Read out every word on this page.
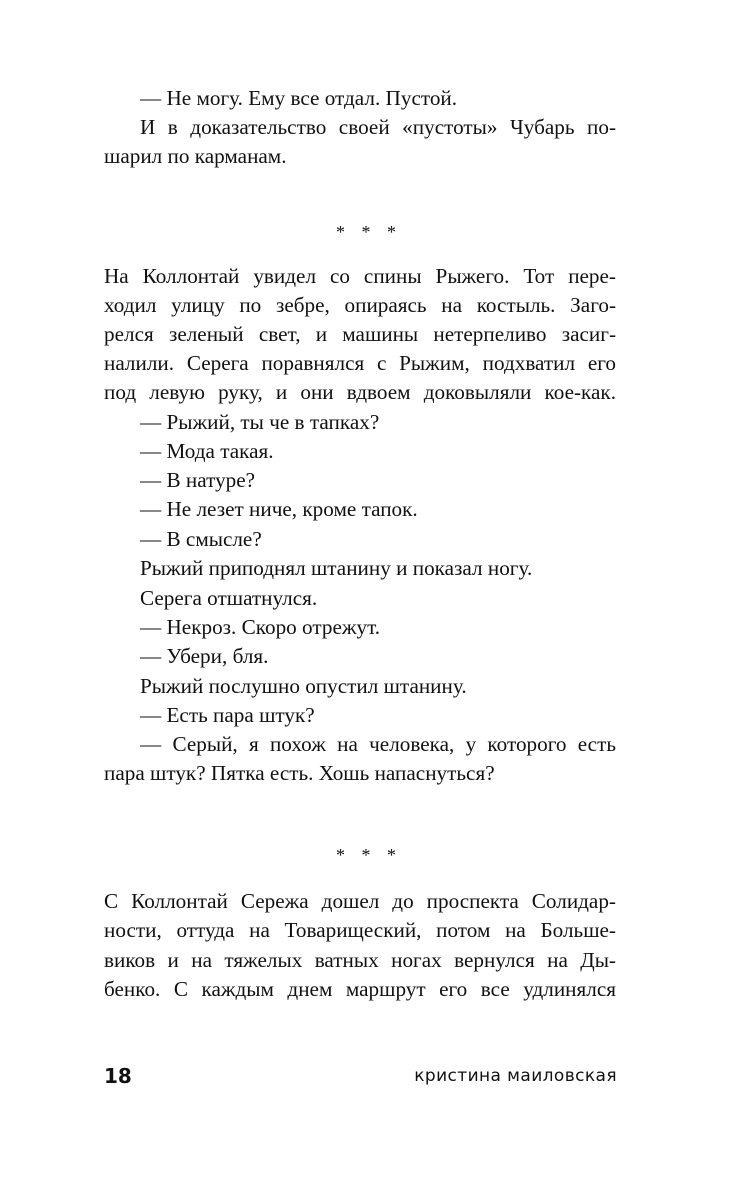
— Не могу. Ему все отдал. Пустой.
И в доказательство своей «пустоты» Чубарь по-
шарил по карманам.
* * *
На Коллонтай увидел со спины Рыжего. Тот пере-
ходил улицу по зебре, опираясь на костыль. Заго-
релся зеленый свет, и машины нетерпеливо засиг-
налили. Серега поравнялся с Рыжим, подхватил его
под левую руку, и они вдвоем доковыляли кое-как.
— Рыжий, ты че в тапках?
— Мода такая.
— В натуре?
— Не лезет ниче, кроме тапок.
— В смысле?
Рыжий приподнял штанину и показал ногу.
Серега отшатнулся.
— Некроз. Скоро отрежут.
— Убери, бля.
Рыжий послушно опустил штанину.
— Есть пара штук?
— Серый, я похож на человека, у которого есть
пара штук? Пятка есть. Хошь напаснуться?
* * *
С Коллонтай Сережа дошел до проспекта Солидар-
ности, оттуда на Товарищеский, потом на Большe-
виков и на тяжелых ватных ногах вернулся на Ды-
бенко. С каждым днем маршрут его все удлинялся
18	кристина маиловская
